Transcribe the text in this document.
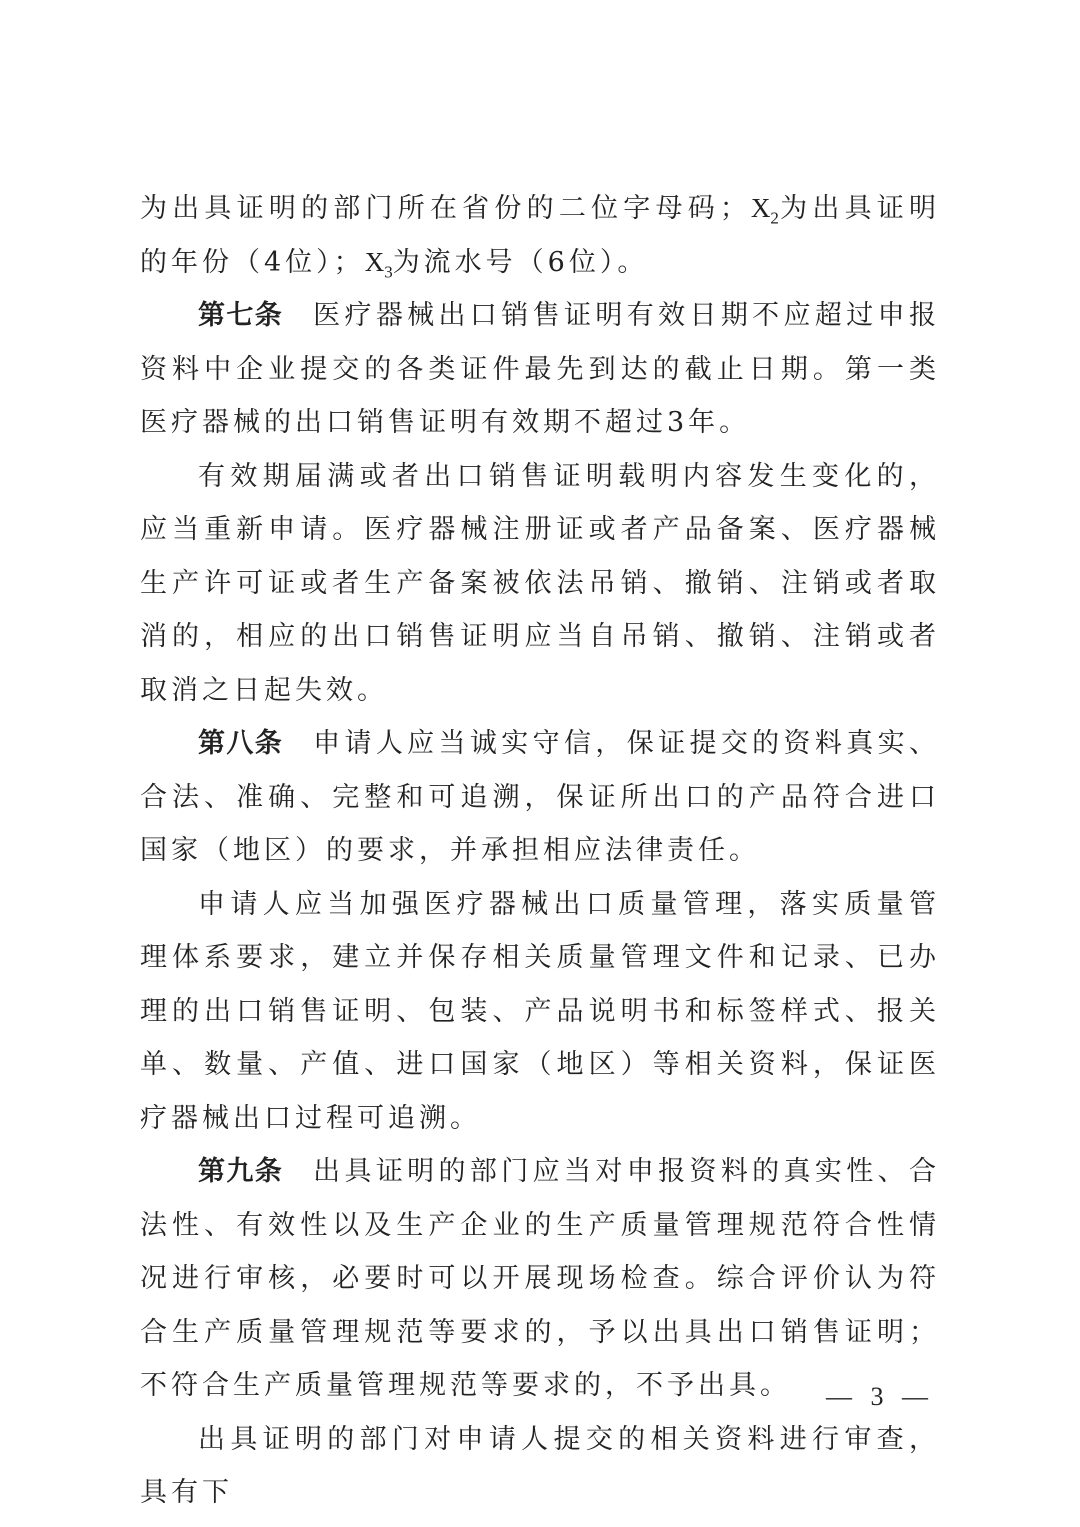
为出具证明的部门所在省份的二位字母码；$X_2$为出具证明的年份（4位）；$X_3$为流水号（6位）。

第七条 医疗器械出口销售证明有效日期不应超过申报资料中企业提交的各类证件最先到达的截止日期。第一类医疗器械的出口销售证明有效期不超过3年。

有效期届满或者出口销售证明载明内容发生变化的，应当重新申请。医疗器械注册证或者产品备案、医疗器械生产许可证或者生产备案被依法吊销、撤销、注销或者取消的，相应的出口销售证明应当自吊销、撤销、注销或者取消之日起失效。

第八条 申请人应当诚实守信，保证提交的资料真实、合法、准确、完整和可追溯，保证所出口的产品符合进口国家（地区）的要求，并承担相应法律责任。

申请人应当加强医疗器械出口质量管理，落实质量管理体系要求，建立并保存相关质量管理文件和记录、已办理的出口销售证明、包装、产品说明书和标签样式、报关单、数量、产值、进口国家（地区）等相关资料，保证医疗器械出口过程可追溯。

第九条 出具证明的部门应当对申报资料的真实性、合法性、有效性以及生产企业的生产质量管理规范符合性情况进行审核，必要时可以开展现场检查。综合评价认为符合生产质量管理规范等要求的，予以出具出口销售证明；不符合生产质量管理规范等要求的，不予出具。

出具证明的部门对申请人提交的相关资料进行审查，具有下

— 3 —
